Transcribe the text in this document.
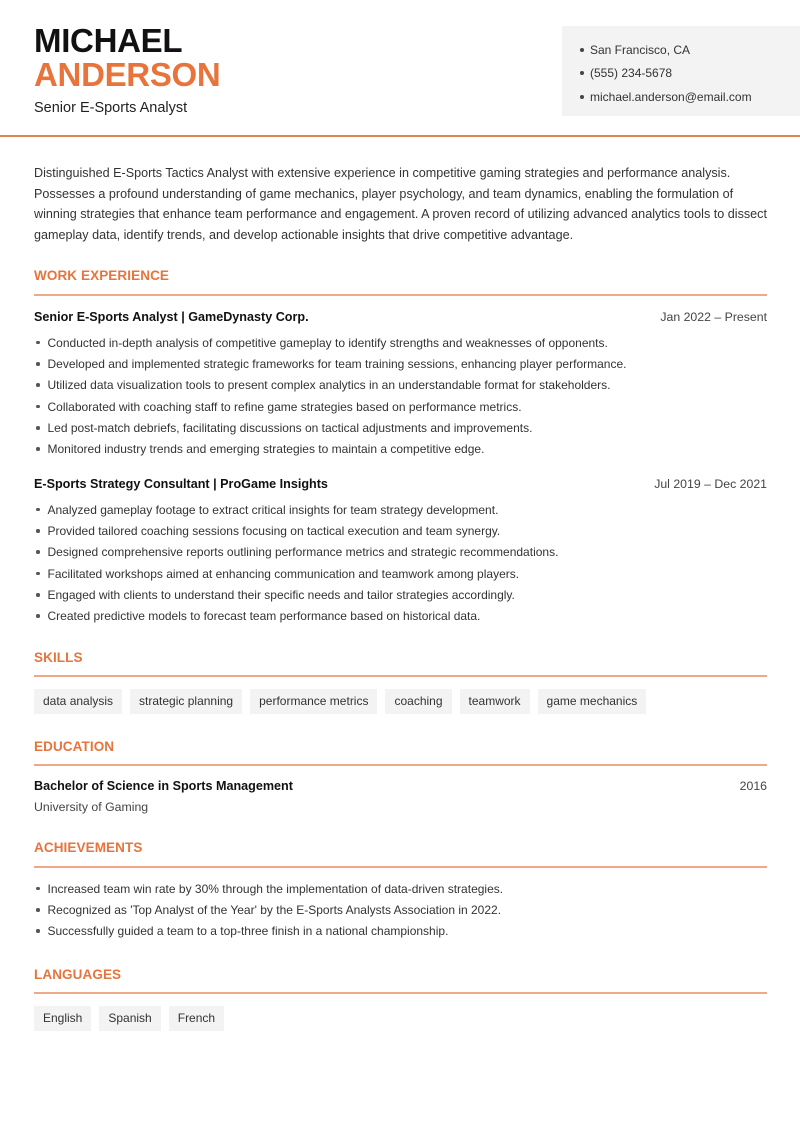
MICHAEL
ANDERSON
Senior E-Sports Analyst
San Francisco, CA
(555) 234-5678
michael.anderson@email.com

Distinguished E-Sports Tactics Analyst with extensive experience in competitive gaming strategies and performance analysis. Possesses a profound understanding of game mechanics, player psychology, and team dynamics, enabling the formulation of winning strategies that enhance team performance and engagement. A proven record of utilizing advanced analytics tools to dissect gameplay data, identify trends, and develop actionable insights that drive competitive advantage.

WORK EXPERIENCE
Senior E-Sports Analyst | GameDynasty Corp.	Jan 2022 – Present
Conducted in-depth analysis of competitive gameplay to identify strengths and weaknesses of opponents.
Developed and implemented strategic frameworks for team training sessions, enhancing player performance.
Utilized data visualization tools to present complex analytics in an understandable format for stakeholders.
Collaborated with coaching staff to refine game strategies based on performance metrics.
Led post-match debriefs, facilitating discussions on tactical adjustments and improvements.
Monitored industry trends and emerging strategies to maintain a competitive edge.
E-Sports Strategy Consultant | ProGame Insights	Jul 2019 – Dec 2021
Analyzed gameplay footage to extract critical insights for team strategy development.
Provided tailored coaching sessions focusing on tactical execution and team synergy.
Designed comprehensive reports outlining performance metrics and strategic recommendations.
Facilitated workshops aimed at enhancing communication and teamwork among players.
Engaged with clients to understand their specific needs and tailor strategies accordingly.
Created predictive models to forecast team performance based on historical data.
SKILLS
data analysis	strategic planning	performance metrics	coaching	teamwork	game mechanics
EDUCATION
Bachelor of Science in Sports Management	2016
University of Gaming
ACHIEVEMENTS
Increased team win rate by 30% through the implementation of data-driven strategies.
Recognized as 'Top Analyst of the Year' by the E-Sports Analysts Association in 2022.
Successfully guided a team to a top-three finish in a national championship.
LANGUAGES
English	Spanish	French
